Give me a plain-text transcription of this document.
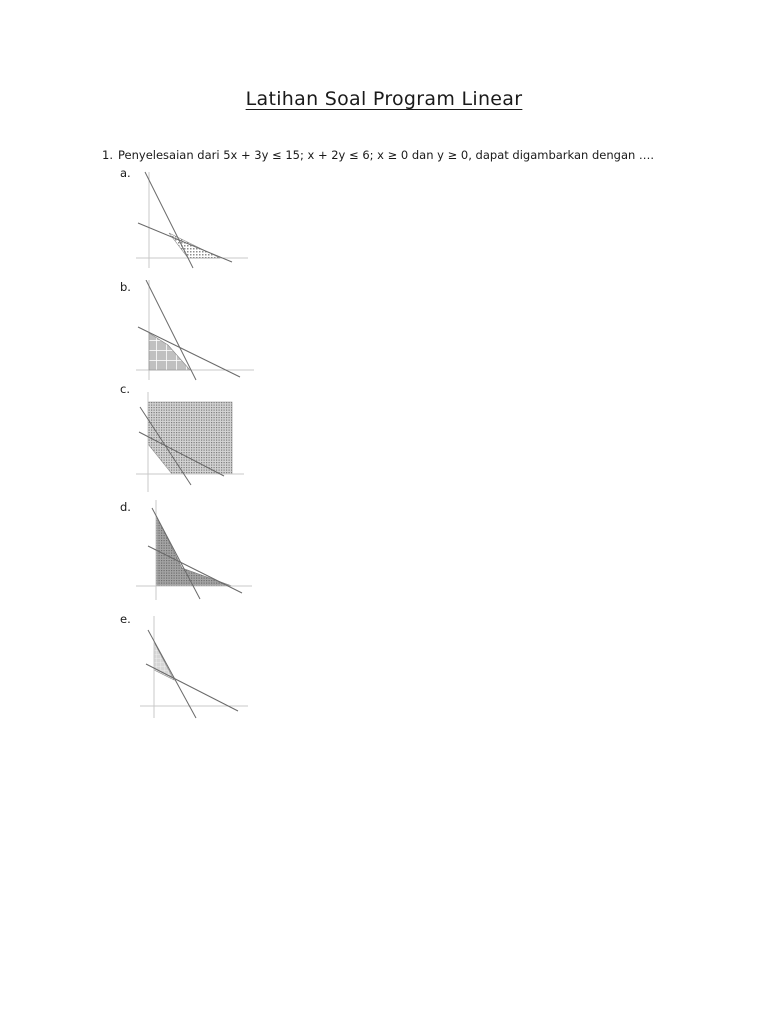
Latihan Soal Program Linear
1. Penyelesaian dari 5x + 3y ≤ 15; x + 2y ≤ 6; x ≥ 0 dan y ≥ 0, dapat digambarkan dengan ….
a.
b.
c.
d.
e.
